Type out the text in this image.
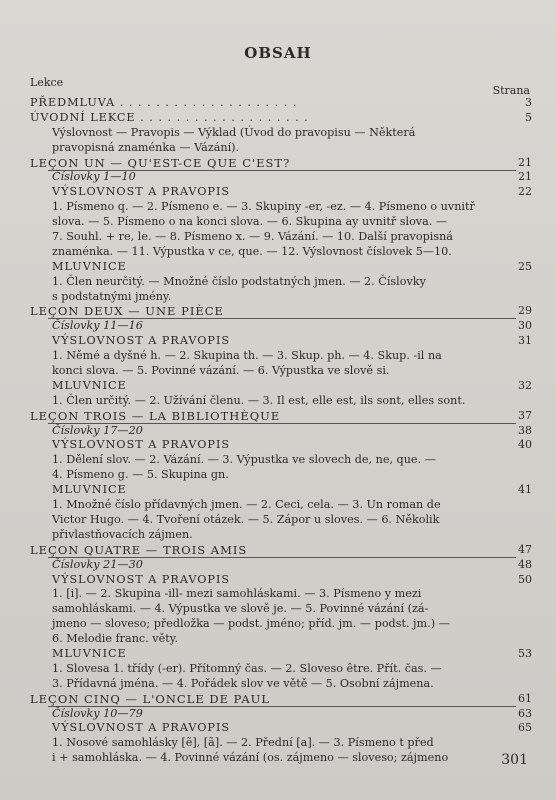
OBSAH
Lekce
Strana
PŘEDMLUVA . . . . . . . . . . . . . . . . . . . .	3
ÚVODNÍ LEKCE . . . . . . . . . . . . . . . . . . .	5
Výslovnost — Pravopis — Výklad (Úvod do pravopisu — Některá
pravopisná znaménka — Vázání).
LEÇON UN — QU'EST-CE QUE C'EST?	21
Číslovky 1—10	21
VÝSLOVNOST A PRAVOPIS	22
1. Písmeno q. — 2. Písmeno e. — 3. Skupiny -er, -ez. — 4. Písmeno o uvnitř
slova. — 5. Písmeno o na konci slova. — 6. Skupina ay uvnitř slova. —
7. Souhl. + re, le. — 8. Písmeno x. — 9. Vázání. — 10. Další pravopisná
znaménka. — 11. Výpustka v ce, que. — 12. Výslovnost číslovek 5—10.
MLUVNICE	25
1. Člen neurčitý. — Množné číslo podstatných jmen. — 2. Číslovky
s podstatnými jmény.
LEÇON DEUX — UNE PIÈCE	29
Číslovky 11—16	30
VÝSLOVNOST A PRAVOPIS	31
1. Němé a dyšné h. — 2. Skupina th. — 3. Skup. ph. — 4. Skup. -il na
konci slova. — 5. Povinné vázání. — 6. Výpustka ve slově si.
MLUVNICE	32
1. Člen určitý. — 2. Užívání členu. — 3. Il est, elle est, ils sont, elles sont.
LEÇON TROIS — LA BIBLIOTHÈQUE	37
Číslovky 17—20	38
VÝSLOVNOST A PRAVOPIS	40
1. Dělení slov. — 2. Vázání. — 3. Výpustka ve slovech de, ne, que. —
4. Písmeno g. — 5. Skupina gn.
MLUVNICE	41
1. Množné číslo přídavných jmen. — 2. Ceci, cela. — 3. Un roman de
Victor Hugo. — 4. Tvoření otázek. — 5. Zápor u sloves. — 6. Několik
přivlastňovacích zájmen.
LEÇON QUATRE — TROIS AMIS	47
Číslovky 21—30	48
VÝSLOVNOST A PRAVOPIS	50
1. [i]. — 2. Skupina -ill- mezi samohláskami. — 3. Písmeno y mezi
samohláskami. — 4. Výpustka ve slově je. — 5. Povinné vázání (zá-
jmeno — sloveso; předložka — podst. jméno; příd. jm. — podst. jm.) —
6. Melodie franc. věty.
MLUVNICE	53
1. Slovesa 1. třídy (-er). Přítomný čas. — 2. Sloveso être. Přít. čas. —
3. Přídavná jména. — 4. Pořádek slov ve větě — 5. Osobní zájmena.
LEÇON CINQ — L'ONCLE DE PAUL	61
Číslovky 10—79	63
VÝSLOVNOST A PRAVOPIS	65
1. Nosové samohlásky [ẽ], [ã]. — 2. Přední [a]. — 3. Písmeno t před
i + samohláska. — 4. Povinné vázání (os. zájmeno — sloveso; zájmeno	301
